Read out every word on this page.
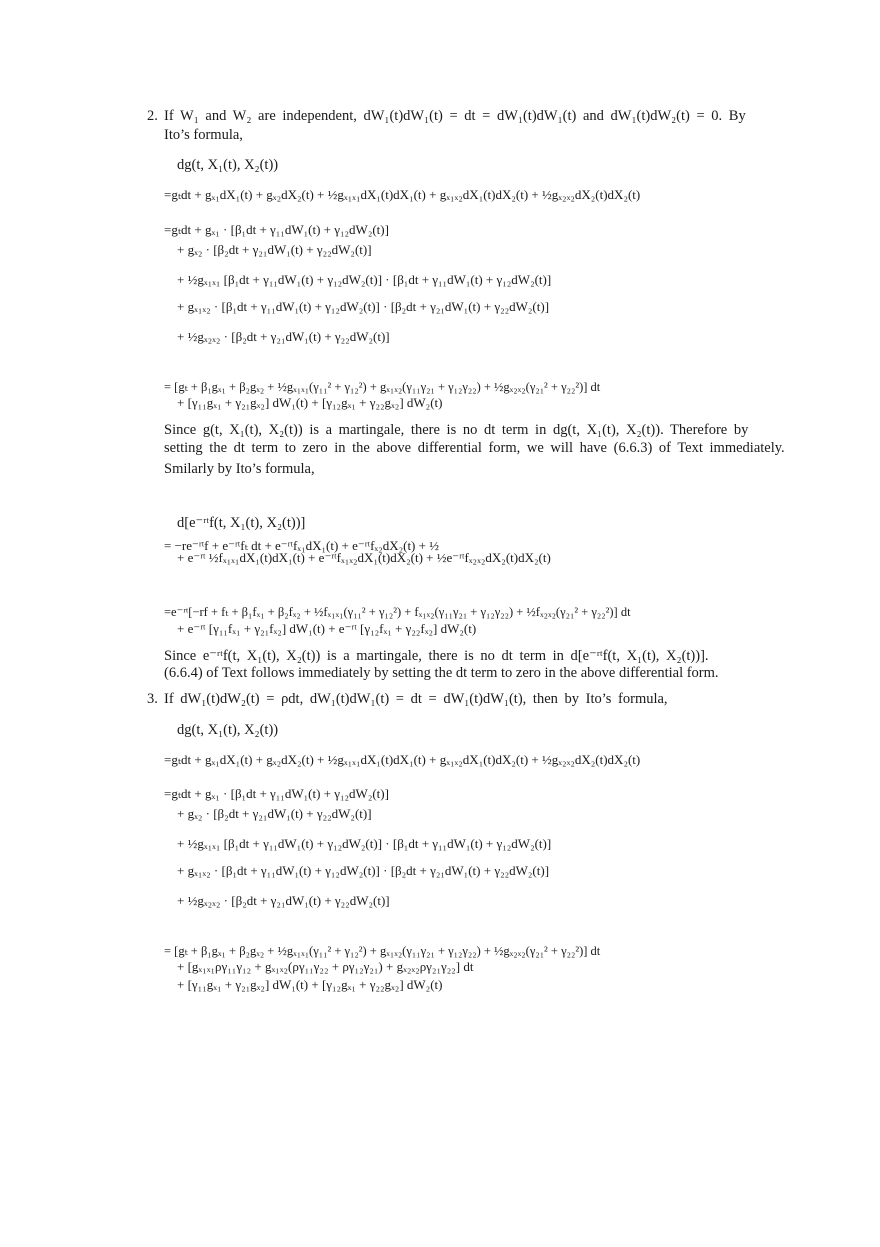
2. If W₁ and W₂ are independent, dW₁(t)dW₁(t) = dt = dW₁(t)dW₁(t) and dW₁(t)dW₂(t) = 0. By
Ito’s formula,
dg(t, X₁(t), X₂(t))
=gₜdt + gₓ₁dX₁(t) + gₓ₂dX₂(t) + ½gₓ₁ₓ₁dX₁(t)dX₁(t) + gₓ₁ₓ₂dX₁(t)dX₂(t) + ½gₓ₂ₓ₂dX₂(t)dX₂(t)
=gₜdt + gₓ₁ · [β₁dt + γ₁₁dW₁(t) + γ₁₂dW₂(t)]
+ gₓ₂ · [β₂dt + γ₂₁dW₁(t) + γ₂₂dW₂(t)]
+ ½gₓ₁ₓ₁ [β₁dt + γ₁₁dW₁(t) + γ₁₂dW₂(t)] · [β₁dt + γ₁₁dW₁(t) + γ₁₂dW₂(t)]
+ gₓ₁ₓ₂ · [β₁dt + γ₁₁dW₁(t) + γ₁₂dW₂(t)] · [β₂dt + γ₂₁dW₁(t) + γ₂₂dW₂(t)]
+ ½gₓ₂ₓ₂ · [β₂dt + γ₂₁dW₁(t) + γ₂₂dW₂(t)]
= [gₜ + β₁gₓ₁ + β₂gₓ₂ + ½gₓ₁ₓ₁(γ₁₁² + γ₁₂²) + gₓ₁ₓ₂(γ₁₁γ₂₁ + γ₁₂γ₂₂) + ½gₓ₂ₓ₂(γ₂₁² + γ₂₂²)] dt
+ [γ₁₁gₓ₁ + γ₂₁gₓ₂] dW₁(t) + [γ₁₂gₓ₁ + γ₂₂gₓ₂] dW₂(t)
Since g(t, X₁(t), X₂(t)) is a martingale, there is no dt term in dg(t, X₁(t), X₂(t)). Therefore by
setting the dt term to zero in the above differential form, we will have (6.6.3) of Text immediately.
Smilarly by Ito’s formula,
d[e⁻ʳᵗf(t, X₁(t), X₂(t))]
= −re⁻ʳᵗf + e⁻ʳᵗfₜ dt + e⁻ʳᵗfₓ₁dX₁(t) + e⁻ʳᵗfₓ₂dX₂(t) + ½
+ e⁻ʳᵗ ½fₓ₁ₓ₁dX₁(t)dX₁(t) + e⁻ʳᵗfₓ₁ₓ₂dX₁(t)dX₂(t) + ½e⁻ʳᵗfₓ₂ₓ₂dX₂(t)dX₂(t)
=e⁻ʳᵗ[−rf + fₜ + β₁fₓ₁ + β₂fₓ₂ + ½fₓ₁ₓ₁(γ₁₁² + γ₁₂²) + fₓ₁ₓ₂(γ₁₁γ₂₁ + γ₁₂γ₂₂) + ½fₓ₂ₓ₂(γ₂₁² + γ₂₂²)] dt
+ e⁻ʳᵗ [γ₁₁fₓ₁ + γ₂₁fₓ₂] dW₁(t) + e⁻ʳᵗ [γ₁₂fₓ₁ + γ₂₂fₓ₂] dW₂(t)
Since e⁻ʳᵗf(t, X₁(t), X₂(t)) is a martingale, there is no dt term in d[e⁻ʳᵗf(t, X₁(t), X₂(t))].
(6.6.4) of Text follows immediately by setting the dt term to zero in the above differential form.
3. If dW₁(t)dW₂(t) = ρdt, dW₁(t)dW₁(t) = dt = dW₁(t)dW₁(t), then by Ito’s formula,
dg(t, X₁(t), X₂(t))
=gₜdt + gₓ₁dX₁(t) + gₓ₂dX₂(t) + ½gₓ₁ₓ₁dX₁(t)dX₁(t) + gₓ₁ₓ₂dX₁(t)dX₂(t) + ½gₓ₂ₓ₂dX₂(t)dX₂(t)
=gₜdt + gₓ₁ · [β₁dt + γ₁₁dW₁(t) + γ₁₂dW₂(t)]
+ gₓ₂ · [β₂dt + γ₂₁dW₁(t) + γ₂₂dW₂(t)]
+ ½gₓ₁ₓ₁ [β₁dt + γ₁₁dW₁(t) + γ₁₂dW₂(t)] · [β₁dt + γ₁₁dW₁(t) + γ₁₂dW₂(t)]
+ gₓ₁ₓ₂ · [β₁dt + γ₁₁dW₁(t) + γ₁₂dW₂(t)] · [β₂dt + γ₂₁dW₁(t) + γ₂₂dW₂(t)]
+ ½gₓ₂ₓ₂ · [β₂dt + γ₂₁dW₁(t) + γ₂₂dW₂(t)]
= [gₜ + β₁gₓ₁ + β₂gₓ₂ + ½gₓ₁ₓ₁(γ₁₁² + γ₁₂²) + gₓ₁ₓ₂(γ₁₁γ₂₁ + γ₁₂γ₂₂) + ½gₓ₂ₓ₂(γ₂₁² + γ₂₂²)] dt
+ [gₓ₁ₓ₁ργ₁₁γ₁₂ + gₓ₁ₓ₂(ργ₁₁γ₂₂ + ργ₁₂γ₂₁) + gₓ₂ₓ₂ργ₂₁γ₂₂] dt
+ [γ₁₁gₓ₁ + γ₂₁gₓ₂] dW₁(t) + [γ₁₂gₓ₁ + γ₂₂gₓ₂] dW₂(t)
